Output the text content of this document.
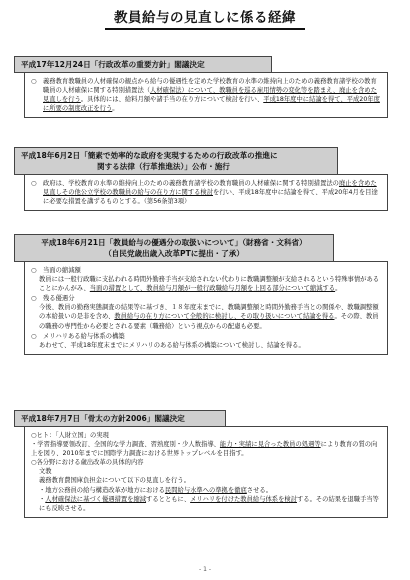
教員給与の見直しに係る経緯
平成17年12月24日「行政改革の重要方針」閣議決定
○	義務教育教職員の人材確保の観点から給与の優遇性を定めた学校教育の水準の維持向上のための義務教育諸学校の教育職員の人材確保に関する特別措置法（人材確保法）について、教職員を巡る雇用情勢の変化等を踏まえ、廃止を含めた見直しを行う。具体的には、給料月額や諸手当の在り方について検討を行い、平成18年度中に結論を得て、平成20年度に所要の制度改正を行う。
平成18年6月2日「簡素で効率的な政府を実現するための行政改革の推進に
関する法律（行革推進法）」公布・施行
○	政府は、学校教育の水準の維持向上のための義務教育諸学校の教育職員の人材確保に関する特別措置法の廃止を含めた見直しその他公立学校の教職員の給与の在り方に関する検討を行い、平成18年度中に結論を得て、平成20年4月を目途に必要な措置を講ずるものとする。（第56条第3項）
平成18年6月21日「教員給与の優遇分の取扱いについて」（財務省・文科省）
（自民党歳出歳入改革PTに提出・了承）
○	当面の縮減額
教員には一般行政職に支払われる時間外勤務手当が支給されない代わりに教職調整額が支給されるという特殊事情があることにかんがみ、当面の措置として、教員給与月額が一般行政職給与月額を上回る部分について縮減する。
○	残る優遇分
今後、教員の勤務実態調査の結果等に基づき、１８年度末までに、教職調整額と時間外勤務手当との関係や、教職調整額の本給扱いの是非を含め、教員給与の在り方について全般的に検討し、その取り扱いについて結論を得る。その際、教員の職務の専門性から必要とされる要素（職務給）という視点からの配慮も必要。
○	メリハリある給与体系の構築
あわせて、平成18年度末までにメリハリのある給与体系の構築について検討し、結論を得る。
平成18年7月7日「骨太の方針2006」閣議決定
○ヒト：「人財立国」の実現
・学習指導要領改訂、全国的な学力調査、習熟度別・少人数指導、能力・実績に見合った教員の処遇等により教育の質の向上を図り、2010年までに国際学力調査における世界トップレベルを目指す。
○各分野における歳出改革の具体的内容
文教
義務教育費国庫負担金について以下の見直しを行う。
・地方公務員の給与構造改革が地方における民間給与水準への準拠を徹底させる。
・人材確保法に基づく優遇措置を縮減するとともに、メリハリを付けた教員給与体系を検討する。その結果を退職手当等にも反映させる。
- 1 -
